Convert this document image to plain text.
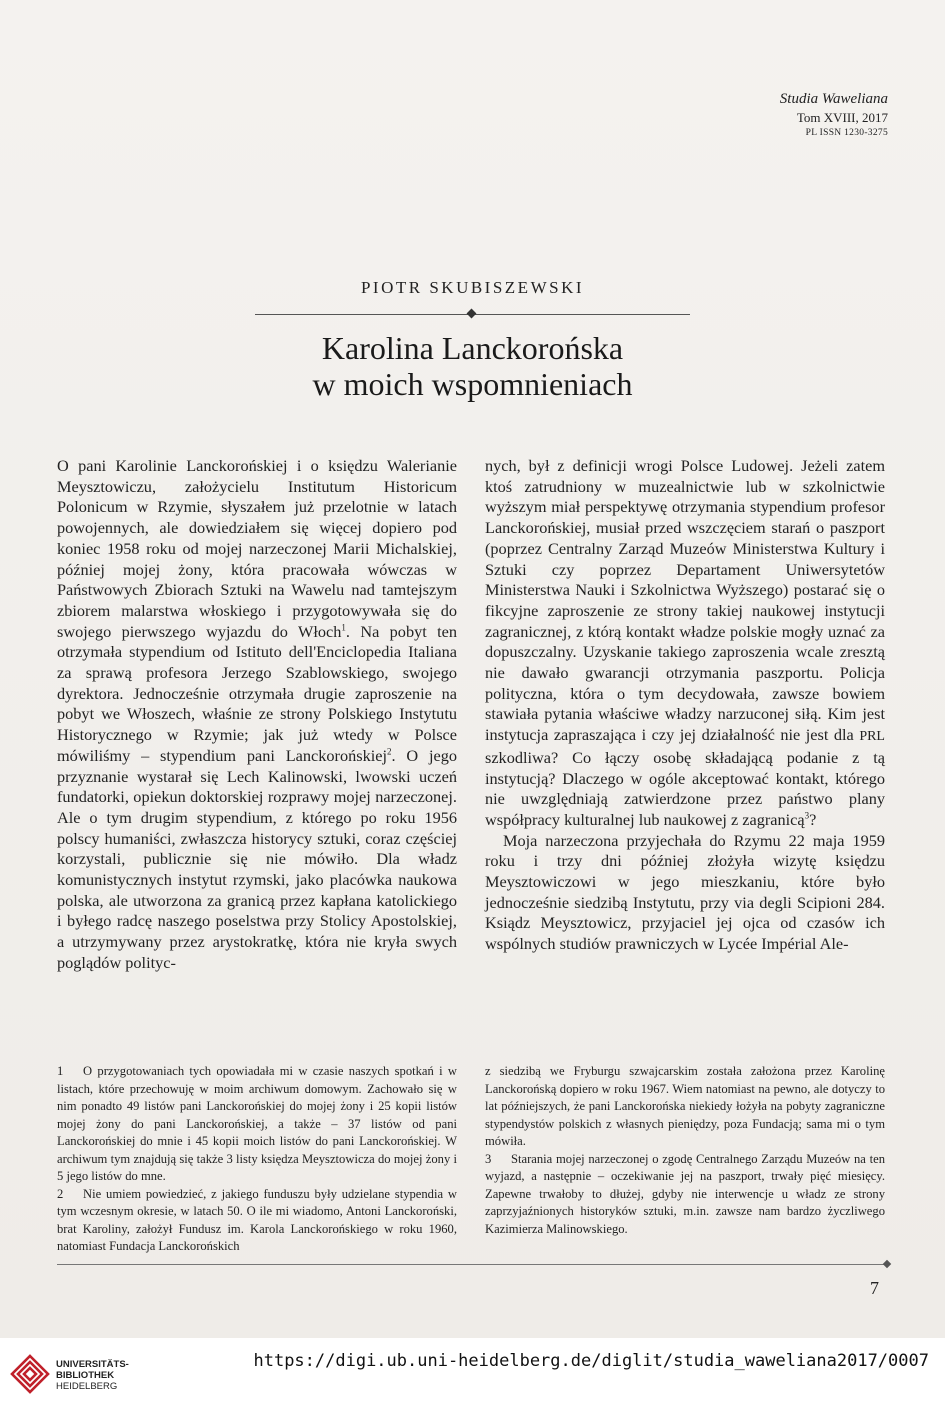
Studia Waweliana
Tom XVIII, 2017
PL ISSN 1230-3275
PIOTR SKUBISZEWSKI
Karolina Lanckorońska
w moich wspomnieniach

O pani Karolinie Lanckorońskiej i o księdzu Walerianie Meysztowiczu, założycielu Institutum Historicum Polonicum w Rzymie, słyszałem już przelotnie w latach powojennych, ale dowiedziałem się więcej dopiero pod koniec 1958 roku od mojej narzeczonej Marii Michalskiej, później mojej żony, która pracowała wówczas w Państwowych Zbiorach Sztuki na Wawelu nad tamtejszym zbiorem malarstwa włoskiego i przygotowywała się do swojego pierwszego wyjazdu do Włoch$^1$. Na pobyt ten otrzymała stypendium od Istituto dell'Enciclopedia Italiana za sprawą profesora Jerzego Szablowskiego, swojego dyrektora. Jednocześnie otrzymała drugie zaproszenie na pobyt we Włoszech, właśnie ze strony Polskiego Instytutu Historycznego w Rzymie; jak już wtedy w Polsce mówiliśmy – stypendium pani Lanckorońskiej$^2$. O jego przyznanie wystarał się Lech Kalinowski, lwowski uczeń fundatorki, opiekun doktorskiej rozprawy mojej narzeczonej. Ale o tym drugim stypendium, z którego po roku 1956 polscy humaniści, zwłaszcza historycy sztuki, coraz częściej korzystali, publicznie się nie mówiło. Dla władz komunistycznych instytut rzymski, jako placówka naukowa polska, ale utworzona za granicą przez kapłana katolickiego i byłego radcę naszego poselstwa przy Stolicy Apostolskiej, a utrzymywany przez arystokratkę, która nie kryła swych poglądów polityc-

nych, był z definicji wrogi Polsce Ludowej. Jeżeli zatem ktoś zatrudniony w muzealnictwie lub w szkolnictwie wyższym miał perspektywę otrzymania stypendium profesor Lanckorońskiej, musiał przed wszczęciem starań o paszport (poprzez Centralny Zarząd Muzeów Ministerstwa Kultury i Sztuki czy poprzez Departament Uniwersytetów Ministerstwa Nauki i Szkolnictwa Wyższego) postarać się o fikcyjne zaproszenie ze strony takiej naukowej instytucji zagranicznej, z którą kontakt władze polskie mogły uznać za dopuszczalny. Uzyskanie takiego zaproszenia wcale zresztą nie dawało gwarancji otrzymania paszportu. Policja polityczna, która o tym decydowała, zawsze bowiem stawiała pytania właściwe władzy narzuconej siłą. Kim jest instytucja zapraszająca i czy jej działalność nie jest dla PRL szkodliwa? Co łączy osobę składającą podanie z tą instytucją? Dlaczego w ogóle akceptować kontakt, którego nie uwzględniają zatwierdzone przez państwo plany współpracy kulturalnej lub naukowej z zagranicą$^3$?

Moja narzeczona przyjechała do Rzymu 22 maja 1959 roku i trzy dni później złożyła wizytę księdzu Meysztowiczowi w jego mieszkaniu, które było jednocześnie siedzibą Instytutu, przy via degli Scipioni 284. Ksiądz Meysztowicz, przyjaciel jej ojca od czasów ich wspólnych studiów prawniczych w Lycée Impérial Ale-

1 O przygotowaniach tych opowiadała mi w czasie naszych spotkań i w listach, które przechowuję w moim archiwum domowym. Zachowało się w nim ponadto 49 listów pani Lanckorońskiej do mojej żony i 25 kopii listów mojej żony do pani Lanckorońskiej, a także – 37 listów od pani Lanckorońskiej do mnie i 45 kopii moich listów do pani Lanckorońskiej. W archiwum tym znajdują się także 3 listy księdza Meysztowicza do mojej żony i 5 jego listów do mne.

2 Nie umiem powiedzieć, z jakiego funduszu były udzielane stypendia w tym wczesnym okresie, w latach 50. O ile mi wiadomo, Antoni Lanckoroński, brat Karoliny, założył Fundusz im. Karola Lanckorońskiego w roku 1960, natomiast Fundacja Lanckorońskich

z siedzibą we Fryburgu szwajcarskim została założona przez Karolinę Lanckorońską dopiero w roku 1967. Wiem natomiast na pewno, ale dotyczy to lat późniejszych, że pani Lanckorońska niekiedy łożyła na pobyty zagraniczne stypendystów polskich z własnych pieniędzy, poza Fundacją; sama mi o tym mówiła.

3 Starania mojej narzeczonej o zgodę Centralnego Zarządu Muzeów na ten wyjazd, a następnie – oczekiwanie jej na paszport, trwały pięć miesięcy. Zapewne trwałoby to dłużej, gdyby nie interwencje u władz ze strony zaprzyjaźnionych historyków sztuki, m.in. zawsze nam bardzo życzliwego Kazimierza Malinowskiego.

7
UNIVERSITÄTS-
BIBLIOTHEK
HEIDELBERG
https://digi.ub.uni-heidelberg.de/diglit/studia_waweliana2017/0007
